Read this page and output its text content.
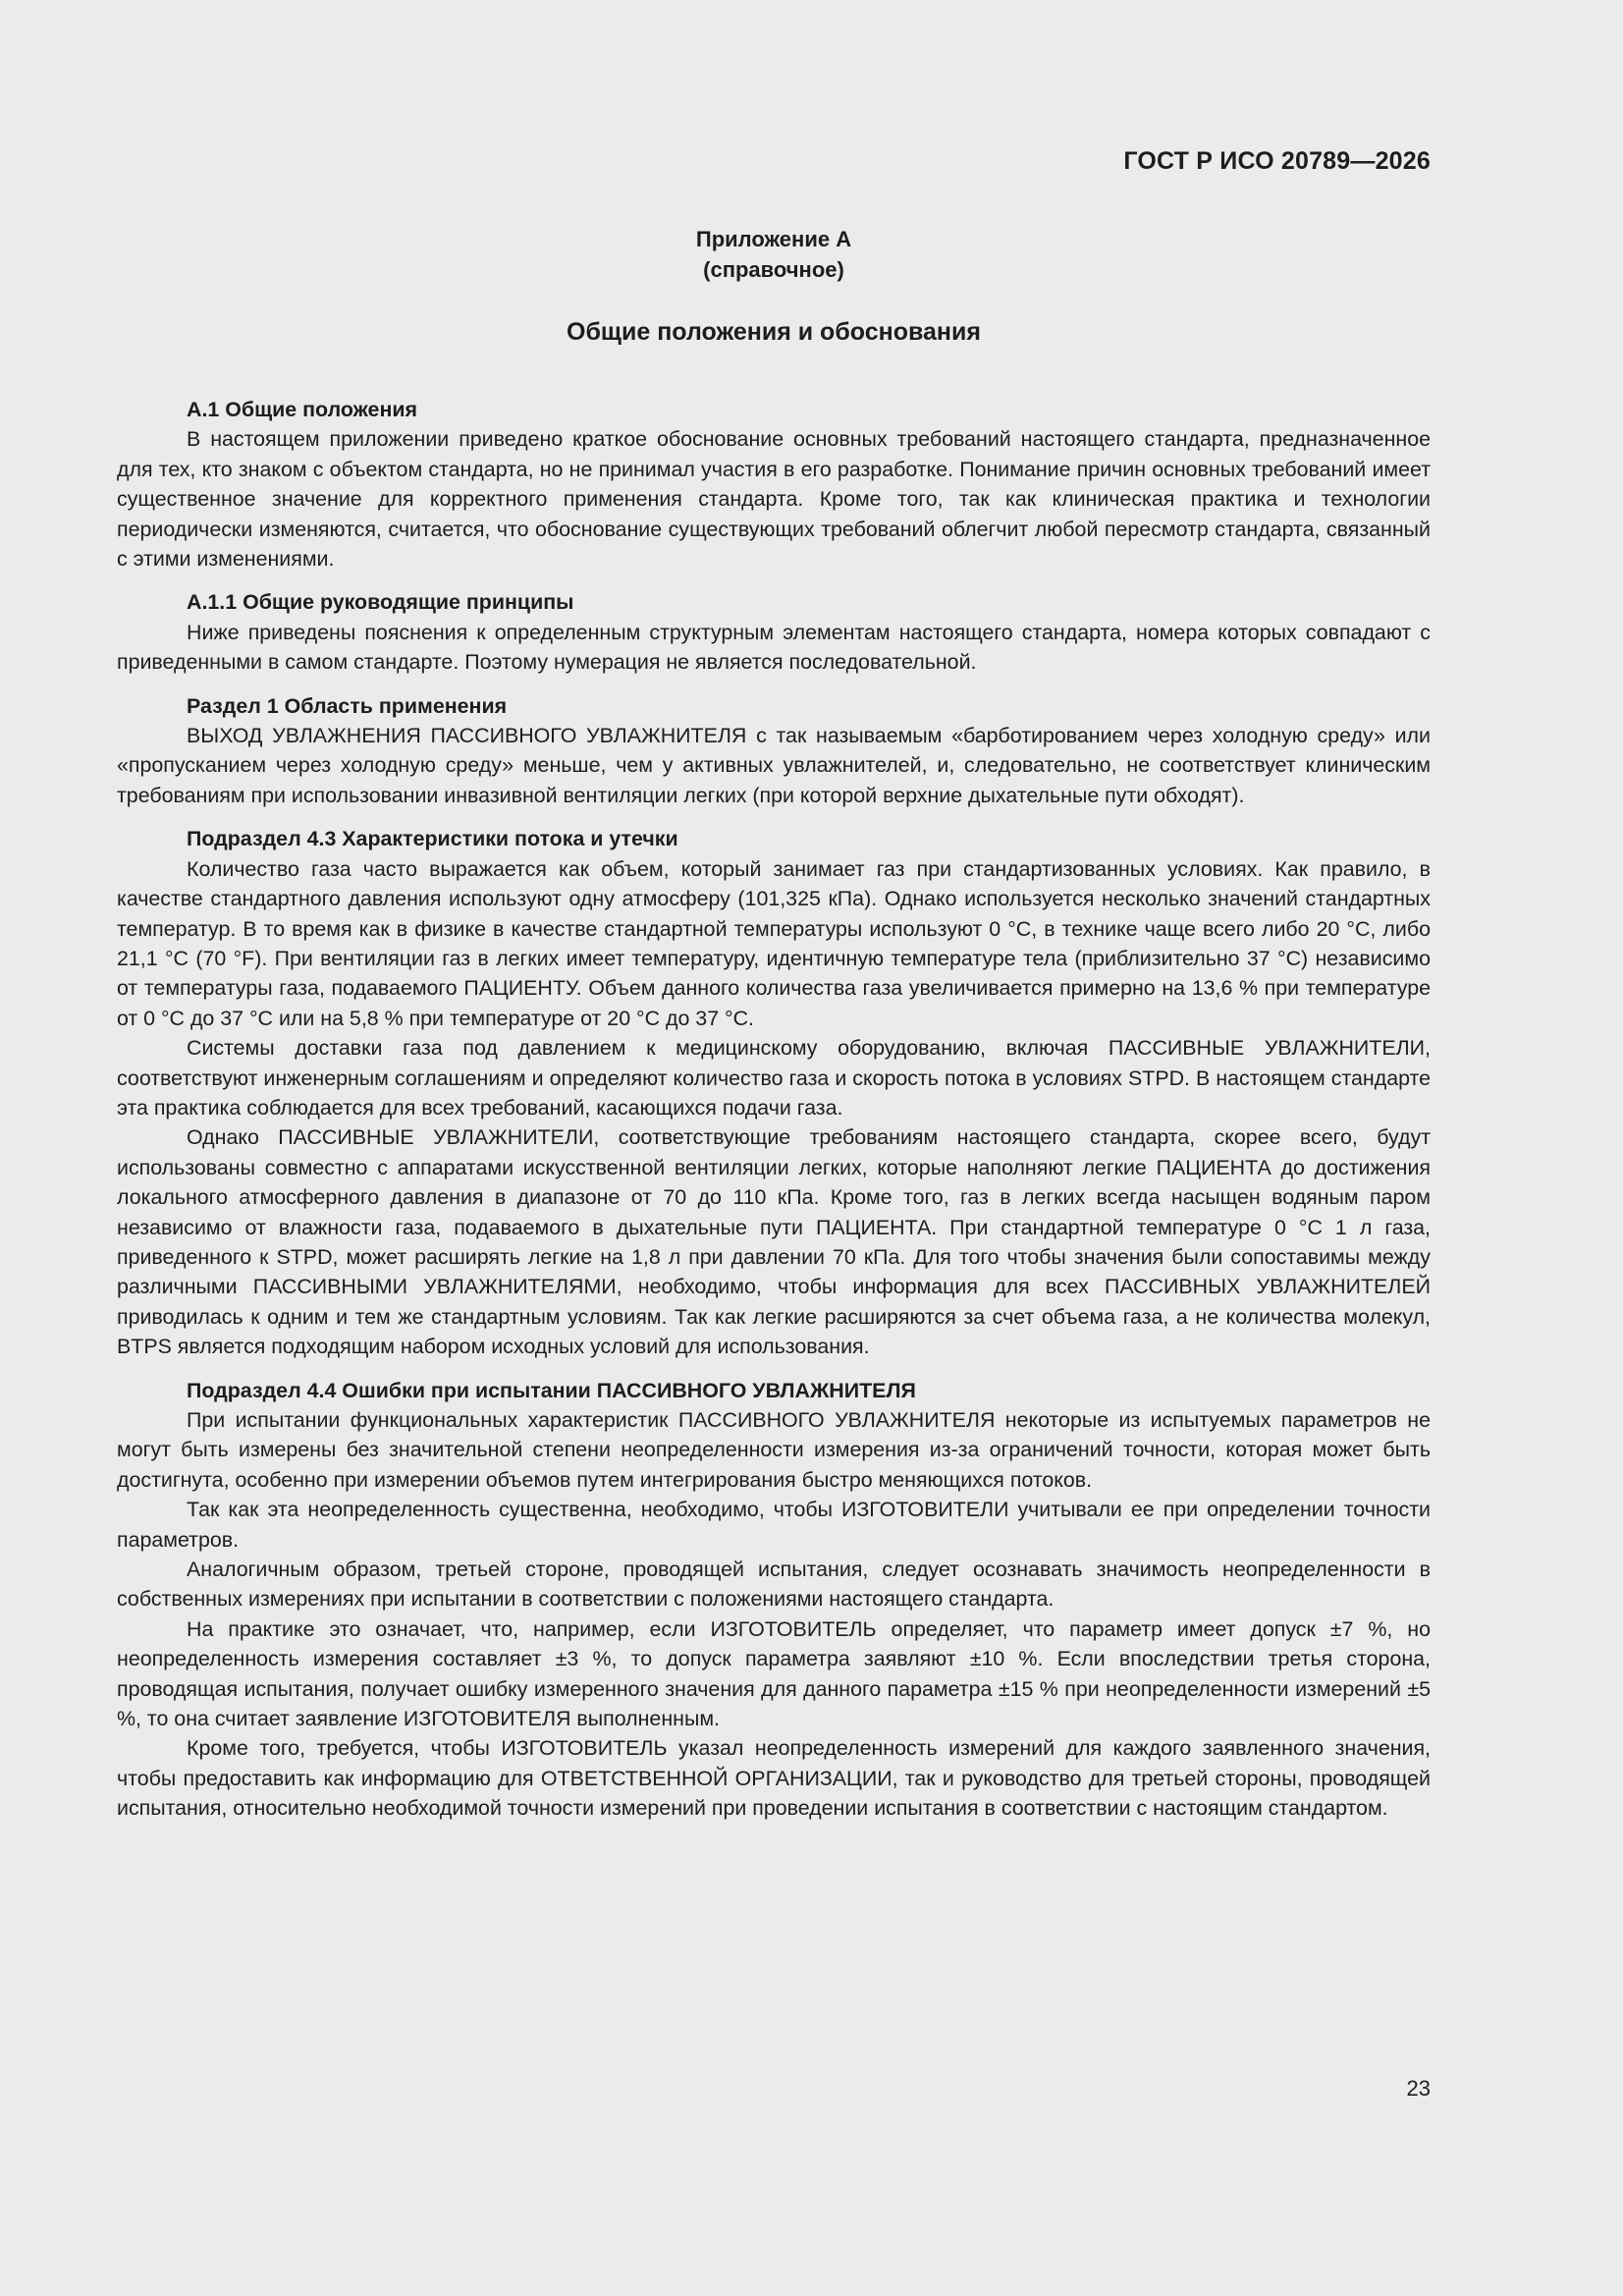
ГОСТ Р ИСО 20789—2026
Приложение А
(справочное)
Общие положения и обоснования
А.1 Общие положения

В настоящем приложении приведено краткое обоснование основных требований настоящего стандарта, предназначенное для тех, кто знаком с объектом стандарта, но не принимал участия в его разработке. Понимание причин основных требований имеет существенное значение для корректного применения стандарта. Кроме того, так как клиническая практика и технологии периодически изменяются, считается, что обоснование существующих требований облегчит любой пересмотр стандарта, связанный с этими изменениями.

А.1.1 Общие руководящие принципы

Ниже приведены пояснения к определенным структурным элементам настоящего стандарта, номера которых совпадают с приведенными в самом стандарте. Поэтому нумерация не является последовательной.

Раздел 1 Область применения

ВЫХОД УВЛАЖНЕНИЯ ПАССИВНОГО УВЛАЖНИТЕЛЯ с так называемым «барботированием через холодную среду» или «пропусканием через холодную среду» меньше, чем у активных увлажнителей, и, следовательно, не соответствует клиническим требованиям при использовании инвазивной вентиляции легких (при которой верхние дыхательные пути обходят).

Подраздел 4.3 Характеристики потока и утечки

Количество газа часто выражается как объем, который занимает газ при стандартизованных условиях. Как правило, в качестве стандартного давления используют одну атмосферу (101,325 кПа). Однако используется несколько значений стандартных температур. В то время как в физике в качестве стандартной температуры используют 0 °С, в технике чаще всего либо 20 °С, либо 21,1 °С (70 °F). При вентиляции газ в легких имеет температуру, идентичную температуре тела (приблизительно 37 °С) независимо от температуры газа, подаваемого ПАЦИЕНТУ. Объем данного количества газа увеличивается примерно на 13,6 % при температуре от 0 °С до 37 °С или на 5,8 % при температуре от 20 °С до 37 °С.

Системы доставки газа под давлением к медицинскому оборудованию, включая ПАССИВНЫЕ УВЛАЖНИТЕЛИ, соответствуют инженерным соглашениям и определяют количество газа и скорость потока в условиях STPD. В настоящем стандарте эта практика соблюдается для всех требований, касающихся подачи газа.

Однако ПАССИВНЫЕ УВЛАЖНИТЕЛИ, соответствующие требованиям настоящего стандарта, скорее всего, будут использованы совместно с аппаратами искусственной вентиляции легких, которые наполняют легкие ПАЦИЕНТА до достижения локального атмосферного давления в диапазоне от 70 до 110 кПа. Кроме того, газ в легких всегда насыщен водяным паром независимо от влажности газа, подаваемого в дыхательные пути ПАЦИЕНТА. При стандартной температуре 0 °С 1 л газа, приведенного к STPD, может расширять легкие на 1,8 л при давлении 70 кПа. Для того чтобы значения были сопоставимы между различными ПАССИВНЫМИ УВЛАЖНИТЕЛЯМИ, необходимо, чтобы информация для всех ПАССИВНЫХ УВЛАЖНИТЕЛЕЙ приводилась к одним и тем же стандартным условиям. Так как легкие расширяются за счет объема газа, а не количества молекул, BTPS является подходящим набором исходных условий для использования.

Подраздел 4.4 Ошибки при испытании ПАССИВНОГО УВЛАЖНИТЕЛЯ

При испытании функциональных характеристик ПАССИВНОГО УВЛАЖНИТЕЛЯ некоторые из испытуемых параметров не могут быть измерены без значительной степени неопределенности измерения из-за ограничений точности, которая может быть достигнута, особенно при измерении объемов путем интегрирования быстро меняющихся потоков.

Так как эта неопределенность существенна, необходимо, чтобы ИЗГОТОВИТЕЛИ учитывали ее при определении точности параметров.

Аналогичным образом, третьей стороне, проводящей испытания, следует осознавать значимость неопределенности в собственных измерениях при испытании в соответствии с положениями настоящего стандарта.

На практике это означает, что, например, если ИЗГОТОВИТЕЛЬ определяет, что параметр имеет допуск ±7 %, но неопределенность измерения составляет ±3 %, то допуск параметра заявляют ±10 %. Если впоследствии третья сторона, проводящая испытания, получает ошибку измеренного значения для данного параметра ±15 % при неопределенности измерений ±5 %, то она считает заявление ИЗГОТОВИТЕЛЯ выполненным.

Кроме того, требуется, чтобы ИЗГОТОВИТЕЛЬ указал неопределенность измерений для каждого заявленного значения, чтобы предоставить как информацию для ОТВЕТСТВЕННОЙ ОРГАНИЗАЦИИ, так и руководство для третьей стороны, проводящей испытания, относительно необходимой точности измерений при проведении испытания в соответствии с настоящим стандартом.

23
